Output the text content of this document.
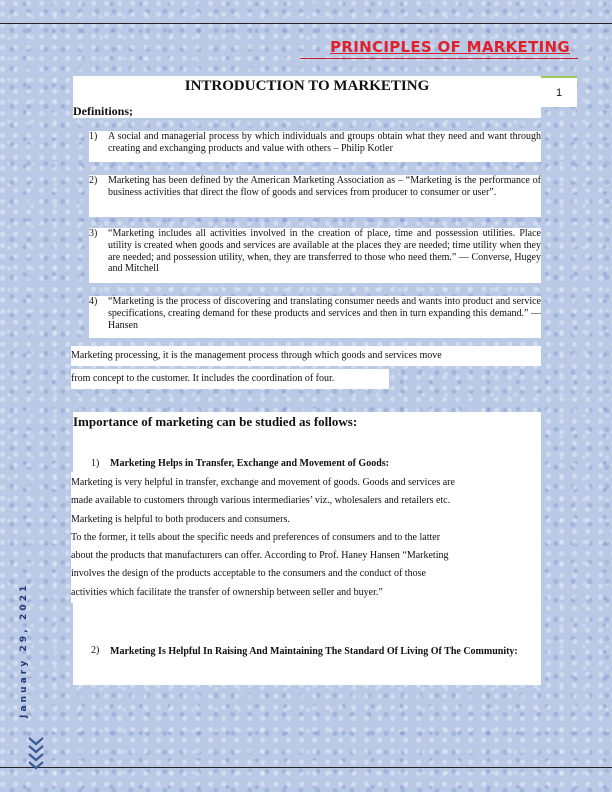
PRINCIPLES OF MARKETING
1
January 29, 2021
INTRODUCTION TO MARKETING
Definitions;
1) A social and managerial process by which individuals and groups obtain what they need and want through creating and exchanging products and value with others – Philip Kotler
2) Marketing has been defined by the American Marketing Association as – “Marketing is the performance of business activities that direct the flow of goods and services from producer to consumer or user”.
3) “Marketing includes all activities involved in the creation of place, time and possession utilities. Place utility is created when goods and services are available at the places they are needed; time utility when they are needed; and possession utility, when, they are transferred to those who need them.” — Converse, Hugey and Mitchell
4) “Marketing is the process of discovering and translating consumer needs and wants into product and service specifications, creating demand for these products and services and then in turn expanding this demand.” — Hansen
Marketing processing, it is the management process through which goods and services move
from concept to the customer. It includes the coordination of four.
Importance of marketing can be studied as follows:
1) Marketing Helps in Transfer, Exchange and Movement of Goods:
Marketing is very helpful in transfer, exchange and movement of goods. Goods and services are
made available to customers through various intermediaries’ viz., wholesalers and retailers etc.
Marketing is helpful to both producers and consumers.
To the former, it tells about the specific needs and preferences of consumers and to the latter
about the products that manufacturers can offer. According to Prof. Haney Hansen “Marketing
involves the design of the products acceptable to the consumers and the conduct of those
activities which facilitate the transfer of ownership between seller and buyer.”
2) Marketing Is Helpful In Raising And Maintaining The Standard Of Living Of The Community:
